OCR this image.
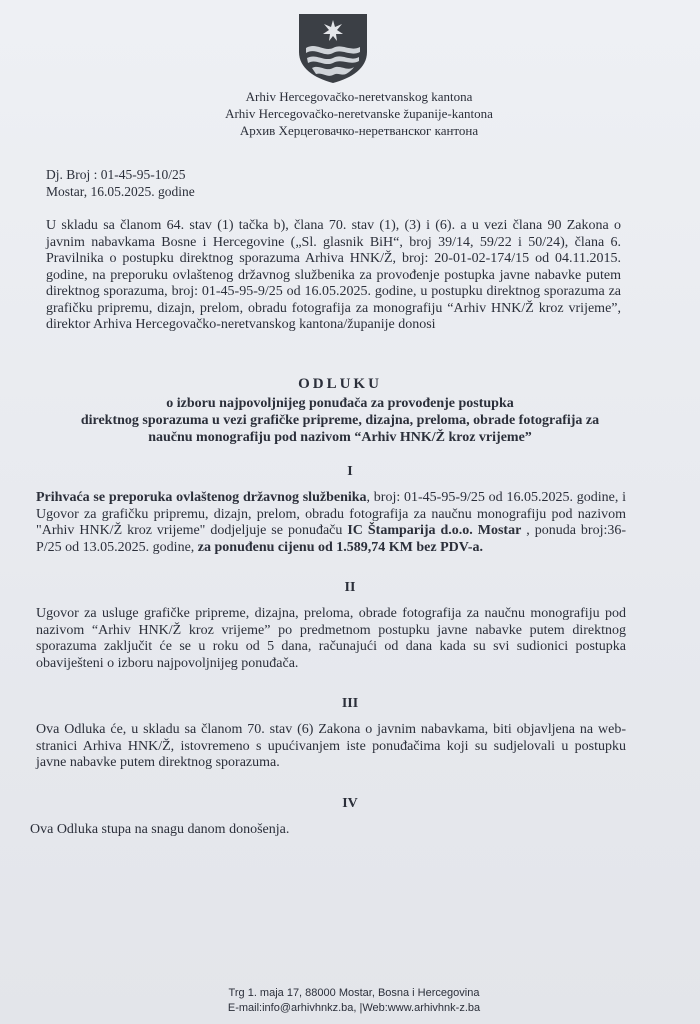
Arhiv Hercegovačko-neretvanskog kantona
Arhiv Hercegovačko-neretvanske županije-kantona
Архив Херцеговачко-неретванског кантона
Dj. Broj : 01-45-95-10/25
Mostar, 16.05.2025. godine
U skladu sa članom 64. stav (1) tačka b), člana 70. stav (1), (3) i (6). a u vezi člana 90 Zakona o javnim nabavkama Bosne i Hercegovine („Sl. glasnik BiH“, broj 39/14, 59/22 i 50/24), člana 6. Pravilnika o postupku direktnog sporazuma Arhiva HNK/Ž, broj: 20-01-02-174/15 od 04.11.2015. godine, na preporuku ovlaštenog državnog službenika za provođenje postupka javne nabavke putem direktnog sporazuma, broj: 01-45-95-9/25 od 16.05.2025. godine, u postupku direktnog sporazuma za grafičku pripremu, dizajn, prelom, obradu fotografija za monografiju “Arhiv HNK/Ž kroz vrijeme”, direktor Arhiva Hercegovačko-neretvanskog kantona/županije donosi
ODLUKU
o izboru najpovoljnijeg ponuđača za provođenje postupka
direktnog sporazuma u vezi grafičke pripreme, dizajna, preloma, obrade fotografija za
naučnu monografiju pod nazivom “Arhiv HNK/Ž kroz vrijeme”
I
Prihvaća se preporuka ovlaštenog državnog službenika, broj: 01-45-95-9/25 od 16.05.2025. godine, i Ugovor za grafičku pripremu, dizajn, prelom, obradu fotografija za naučnu monografiju pod nazivom "Arhiv HNK/Ž kroz vrijeme" dodjeljuje se ponuđaču IC Štamparija d.o.o. Mostar , ponuda broj:36-P/25 od 13.05.2025. godine, za ponuđenu cijenu od 1.589,74 KM bez PDV-a.
II
Ugovor za usluge grafičke pripreme, dizajna, preloma, obrade fotografija za naučnu monografiju pod nazivom “Arhiv HNK/Ž kroz vrijeme” po predmetnom postupku javne nabavke putem direktnog sporazuma zaključit će se u roku od 5 dana, računajući od dana kada su svi sudionici postupka obaviješteni o izboru najpovoljnijeg ponuđača.
III
Ova Odluka će, u skladu sa članom 70. stav (6) Zakona o javnim nabavkama, biti objavljena na web-stranici Arhiva HNK/Ž, istovremeno s upućivanjem iste ponuđačima koji su sudjelovali u postupku javne nabavke putem direktnog sporazuma.
IV
Ova Odluka stupa na snagu danom donošenja.
Trg 1. maja 17, 88000 Mostar, Bosna i Hercegovina
E-mail:info@arhivhnkz.ba, |Web:www.arhivhnk-z.ba
